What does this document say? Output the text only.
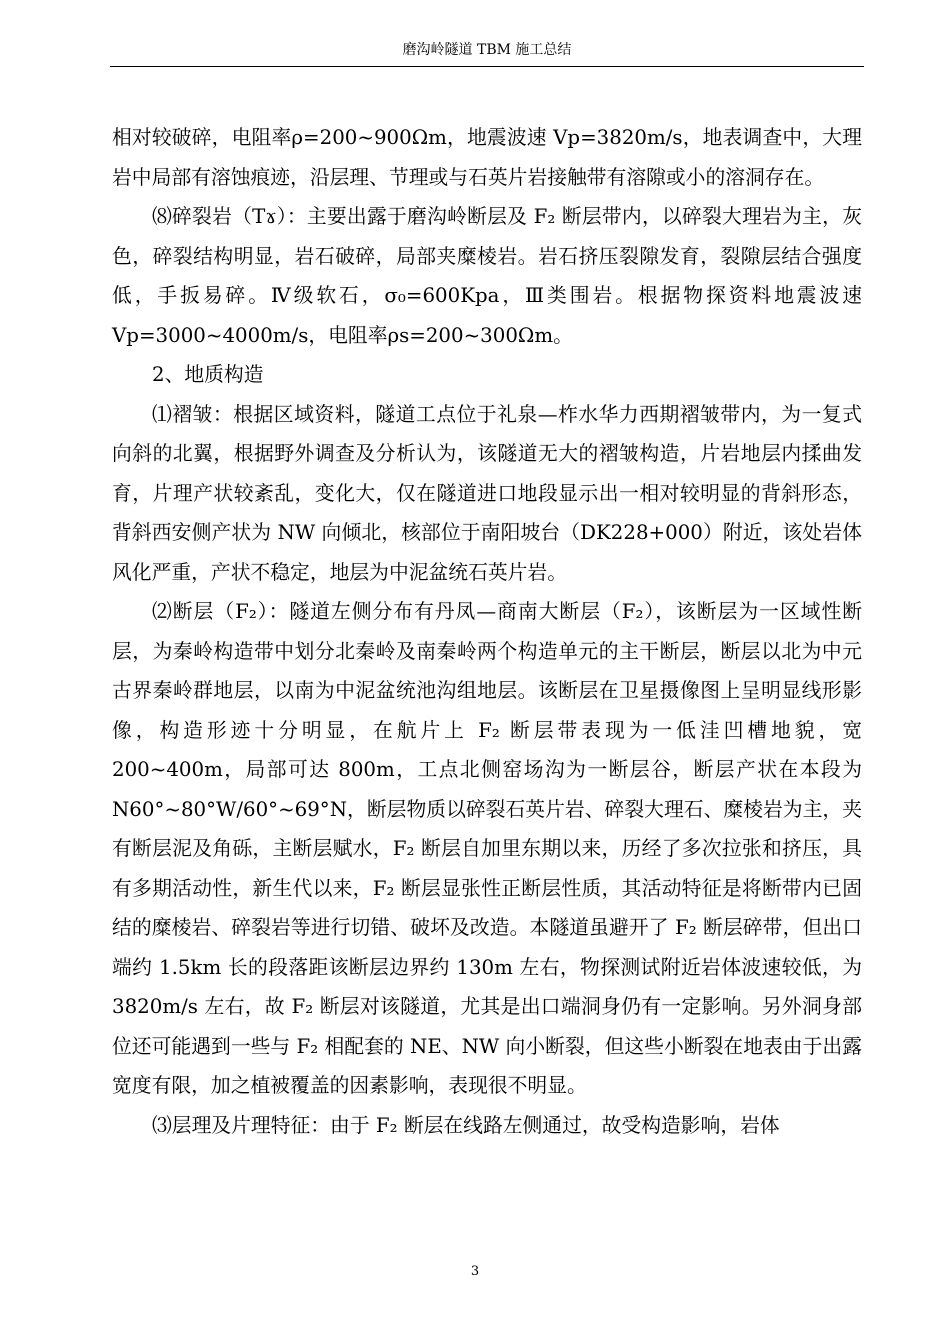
磨沟岭隧道 TBM 施工总结

相对较破碎，电阻率ρ=200~900Ωm，地震波速 Vp=3820m/s，地表调查中，大理岩中局部有溶蚀痕迹，沿层理、节理或与石英片岩接触带有溶隙或小的溶洞存在。

⑻碎裂岩（Tɤ）：主要出露于磨沟岭断层及 F₂ 断层带内，以碎裂大理岩为主，灰色，碎裂结构明显，岩石破碎，局部夹糜棱岩。岩石挤压裂隙发育，裂隙层结合强度低，手扳易碎。Ⅳ级软石，σ₀=600Kpa，Ⅲ类围岩。根据物探资料地震波速 Vp=3000~4000m/s，电阻率ρs=200~300Ωm。

2、地质构造

⑴褶皱：根据区域资料，隧道工点位于礼泉—柞水华力西期褶皱带内，为一复式向斜的北翼，根据野外调查及分析认为，该隧道无大的褶皱构造，片岩地层内揉曲发育，片理产状较紊乱，变化大，仅在隧道进口地段显示出一相对较明显的背斜形态，背斜西安侧产状为 NW 向倾北，核部位于南阳坡台（DK228+000）附近，该处岩体风化严重，产状不稳定，地层为中泥盆统石英片岩。

⑵断层（F₂）：隧道左侧分布有丹凤—商南大断层（F₂），该断层为一区域性断层，为秦岭构造带中划分北秦岭及南秦岭两个构造单元的主干断层，断层以北为中元古界秦岭群地层，以南为中泥盆统池沟组地层。该断层在卫星摄像图上呈明显线形影像，构造形迹十分明显，在航片上 F₂ 断层带表现为一低洼凹槽地貌，宽 200~400m，局部可达 800m，工点北侧窑场沟为一断层谷，断层产状在本段为 N60°~80°W/60°~69°N，断层物质以碎裂石英片岩、碎裂大理石、糜棱岩为主，夹有断层泥及角砾，主断层赋水，F₂ 断层自加里东期以来，历经了多次拉张和挤压，具有多期活动性，新生代以来，F₂ 断层显张性正断层性质，其活动特征是将断带内已固结的糜棱岩、碎裂岩等进行切错、破坏及改造。本隧道虽避开了 F₂ 断层碎带，但出口端约 1.5km 长的段落距该断层边界约 130m 左右，物探测试附近岩体波速较低，为 3820m/s 左右，故 F₂ 断层对该隧道，尤其是出口端洞身仍有一定影响。另外洞身部位还可能遇到一些与 F₂ 相配套的 NE、NW 向小断裂，但这些小断裂在地表由于出露宽度有限，加之植被覆盖的因素影响，表现很不明显。

⑶层理及片理特征：由于 F₂ 断层在线路左侧通过，故受构造影响，岩体

3
